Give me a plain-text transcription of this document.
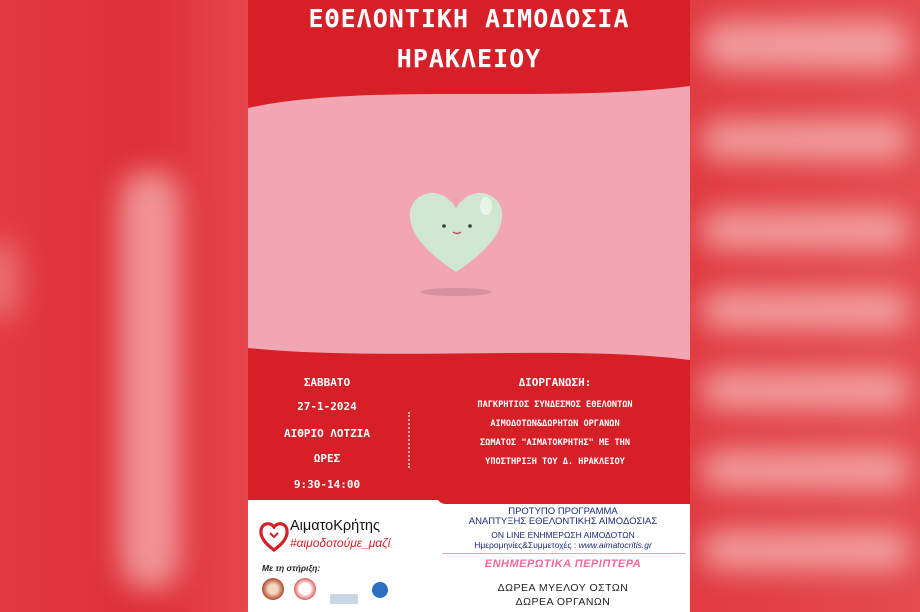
ΕΘΕΛΟΝΤΙΚΗ ΑΙΜΟΔΟΣΙΑ
ΗΡΑΚΛΕΙΟΥ
ΣΑΒΒΑΤΟ
27-1-2024
ΑΙΘΡΙΟ ΛΟΤΖΙΑ
ΩΡΕΣ
9:30-14:00
ΔΙΟΡΓΑΝΩΣΗ:
ΠΑΓΚΡΗΤΙΟΣ ΣΥΝΔΕΣΜΟΣ ΕΘΕΛΟΝΤΩΝ
ΑΙΜΟΔΟΤΩΝ&ΔΩΡΗΤΩΝ ΟΡΓΑΝΩΝ
ΣΩΜΑΤΟΣ "ΑΙΜΑΤΟΚΡΗΤΗΣ" ΜΕ ΤΗΝ
ΥΠΟΣΤΗΡΙΞΗ ΤΟΥ Δ. ΗΡΑΚΛΕΙΟΥ
ΑιματοΚρήτης
#αιμοδοτούμε_μαζί
Με τη στήριξη:
ΠΡΟΤΥΠΟ ΠΡΟΓΡΑΜΜΑ
ΑΝΑΠΤΥΞΗΣ ΕΘΕΛΟΝΤΙΚΗΣ ΑΙΜΟΔΟΣΙΑΣ
ON LINE ΕΝΗΜΕΡΩΣΗ ΑΙΜΟΔΟΤΩΝ
Ημερομηνίες&Συμμετοχές : www.aimatocritis.gr
ΕΝΗΜΕΡΩΤΙΚΑ ΠΕΡΙΠΤΕΡΑ
ΔΩΡΕΑ ΜΥΕΛΟΥ ΟΣΤΩΝ
ΔΩΡΕΑ ΟΡΓΑΝΩΝ
